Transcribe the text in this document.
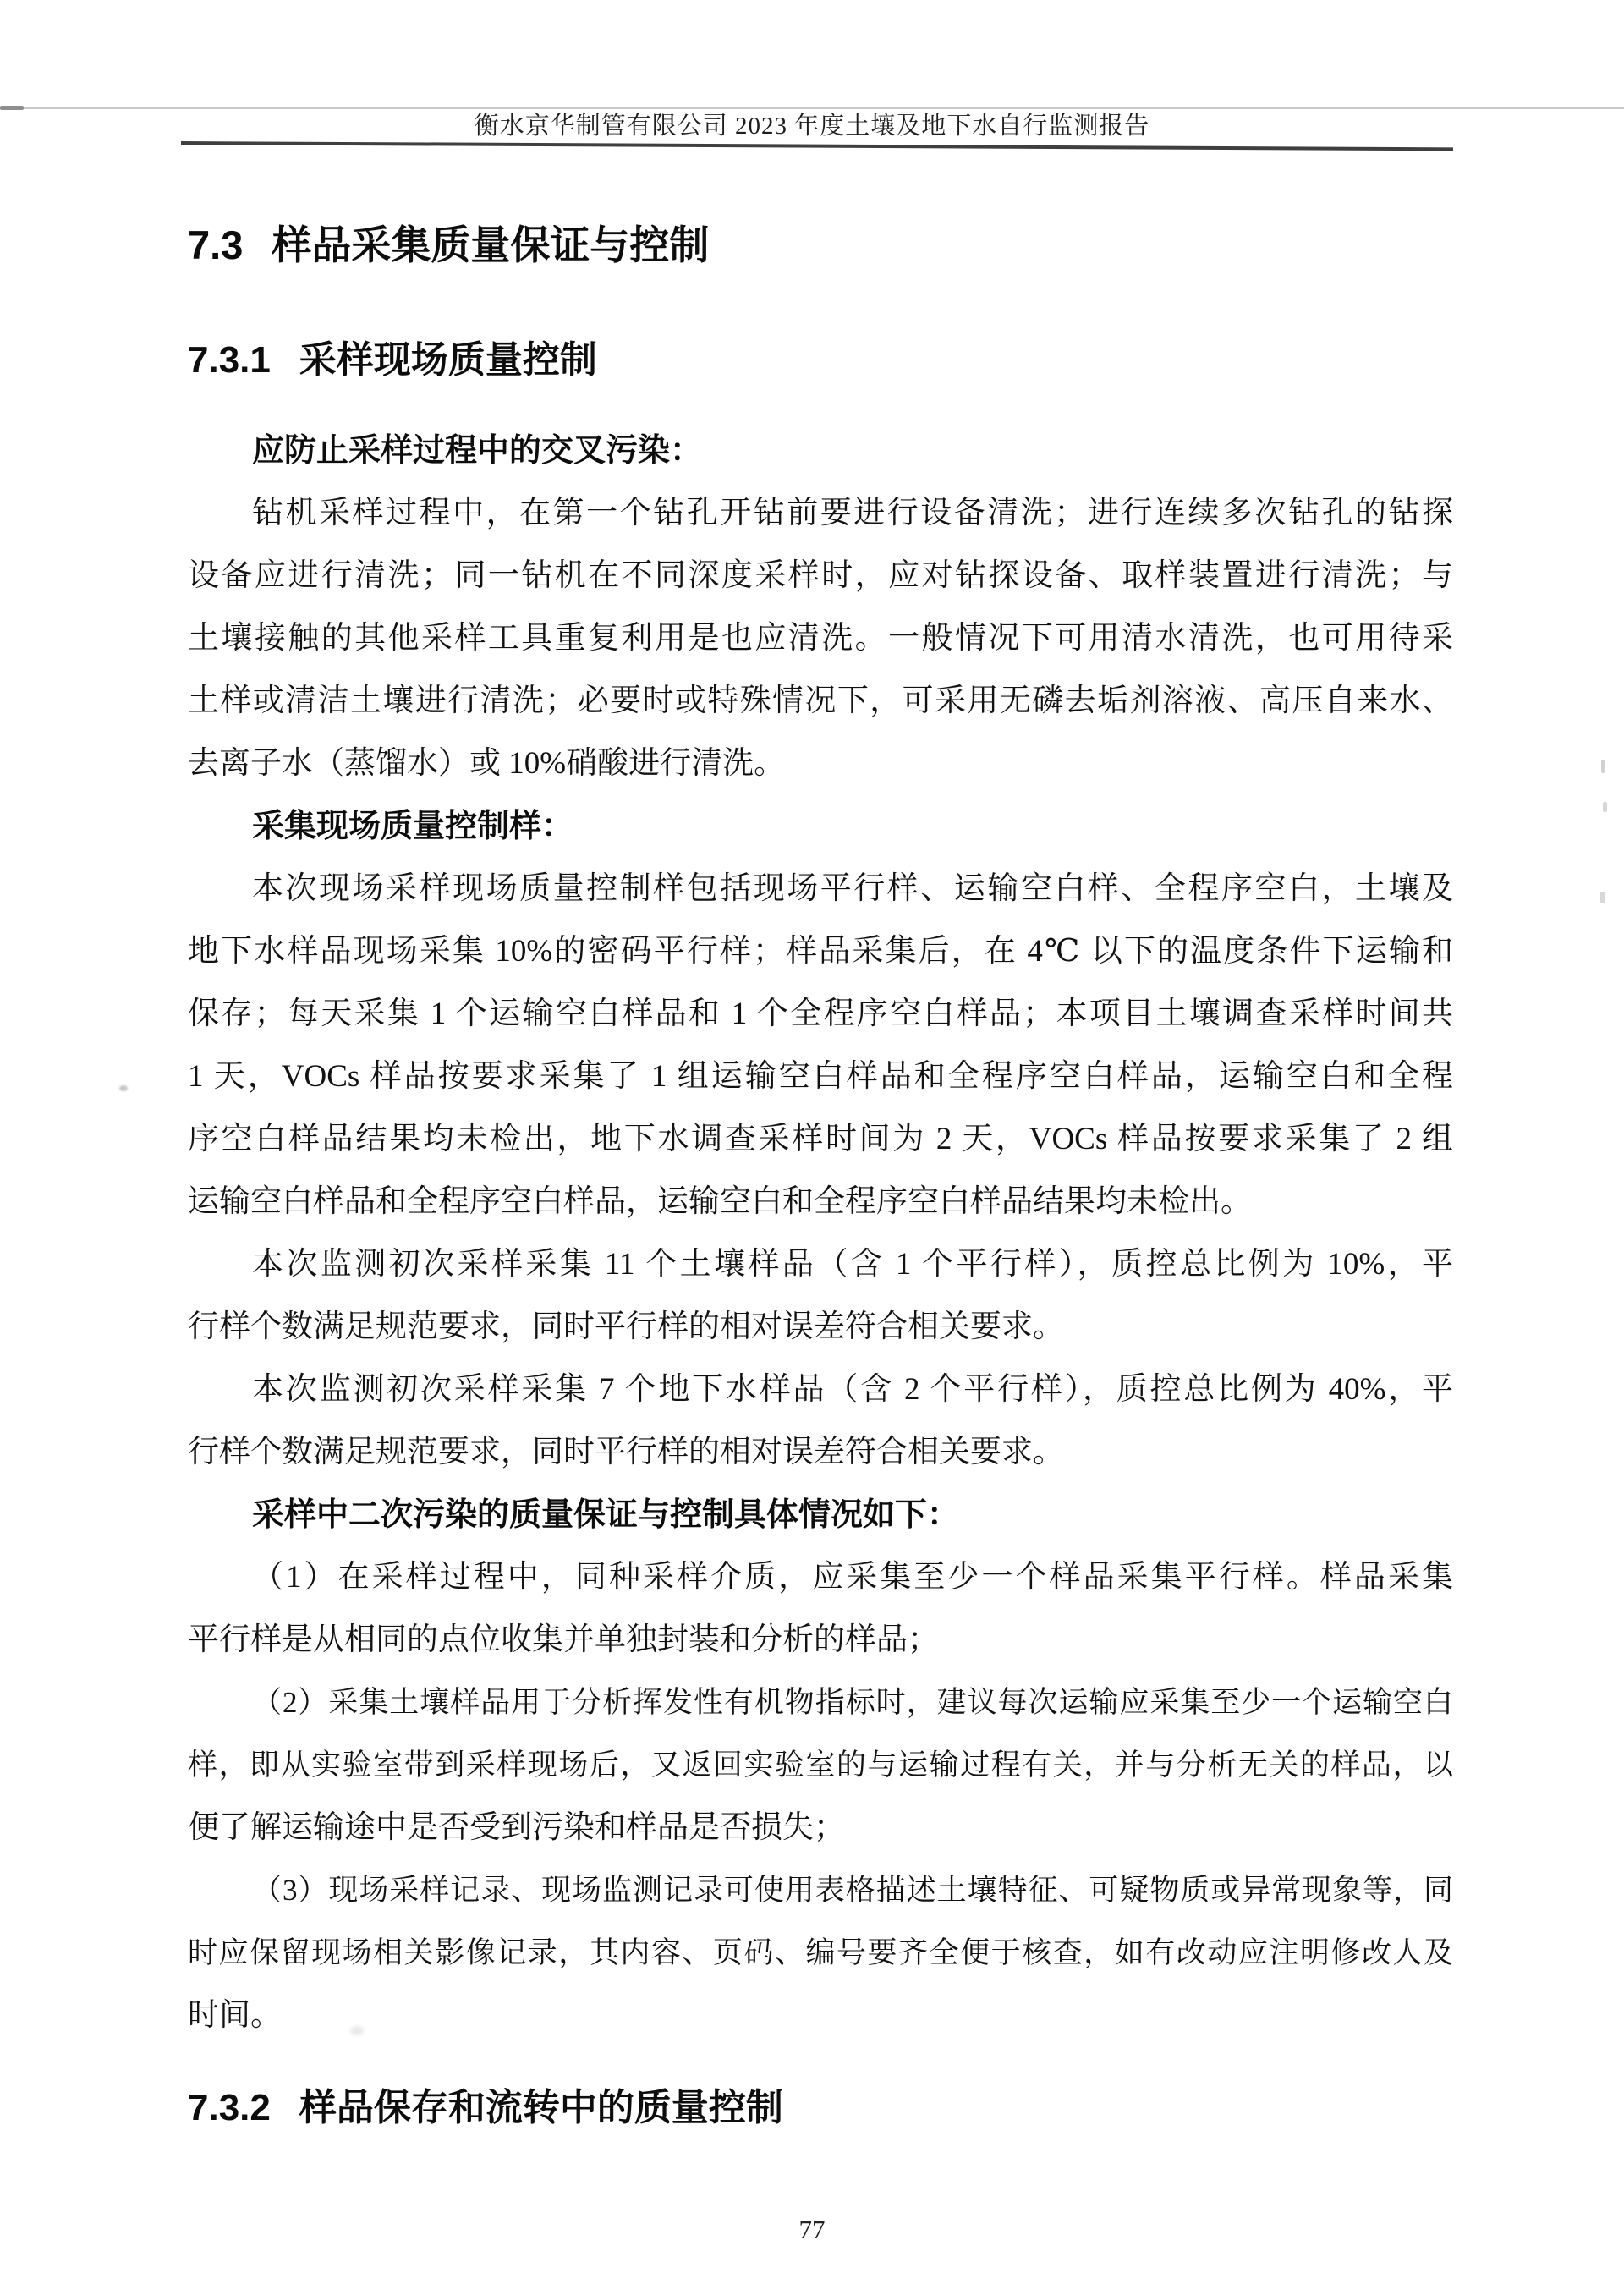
衡水京华制管有限公司 2023 年度土壤及地下水自行监测报告
7.3 样品采集质量保证与控制
7.3.1 采样现场质量控制
应防止采样过程中的交叉污染：
钻机采样过程中，在第一个钻孔开钻前要进行设备清洗；进行连续多次钻孔的钻探
设备应进行清洗；同一钻机在不同深度采样时，应对钻探设备、取样装置进行清洗；与
土壤接触的其他采样工具重复利用是也应清洗。一般情况下可用清水清洗，也可用待采
土样或清洁土壤进行清洗；必要时或特殊情况下，可采用无磷去垢剂溶液、高压自来水、
去离子水（蒸馏水）或 10%硝酸进行清洗。
采集现场质量控制样：
本次现场采样现场质量控制样包括现场平行样、运输空白样、全程序空白，土壤及
地下水样品现场采集 10%的密码平行样；样品采集后，在 4℃ 以下的温度条件下运输和
保存；每天采集 1 个运输空白样品和 1 个全程序空白样品；本项目土壤调查采样时间共
1 天，VOCs 样品按要求采集了 1 组运输空白样品和全程序空白样品，运输空白和全程
序空白样品结果均未检出，地下水调查采样时间为 2 天，VOCs 样品按要求采集了 2 组
运输空白样品和全程序空白样品，运输空白和全程序空白样品结果均未检出。
本次监测初次采样采集 11 个土壤样品（含 1 个平行样），质控总比例为 10%，平
行样个数满足规范要求，同时平行样的相对误差符合相关要求。
本次监测初次采样采集 7 个地下水样品（含 2 个平行样），质控总比例为 40%，平
行样个数满足规范要求，同时平行样的相对误差符合相关要求。
采样中二次污染的质量保证与控制具体情况如下：
（1）在采样过程中，同种采样介质，应采集至少一个样品采集平行样。样品采集
平行样是从相同的点位收集并单独封装和分析的样品；
（2）采集土壤样品用于分析挥发性有机物指标时，建议每次运输应采集至少一个运输空白
样，即从实验室带到采样现场后，又返回实验室的与运输过程有关，并与分析无关的样品，以
便了解运输途中是否受到污染和样品是否损失；
（3）现场采样记录、现场监测记录可使用表格描述土壤特征、可疑物质或异常现象等，同
时应保留现场相关影像记录，其内容、页码、编号要齐全便于核查，如有改动应注明修改人及
时间。
7.3.2 样品保存和流转中的质量控制
77
